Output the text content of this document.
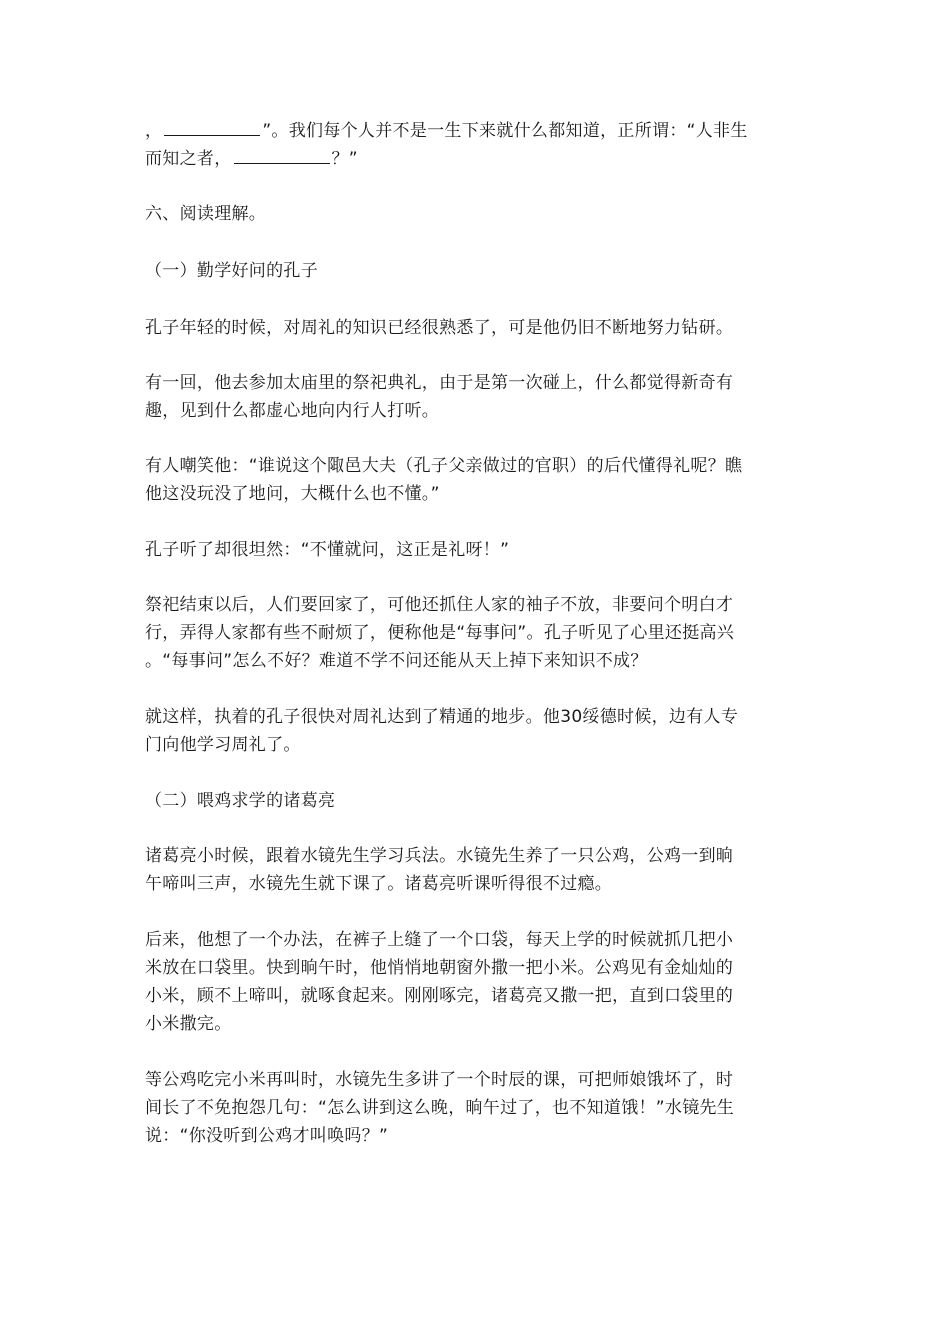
，	”。我们每个人并不是一生下来就什么都知道，正所谓：“人非生
而知之者，	？”

六、阅读理解。

（一）勤学好问的孔子

孔子年轻的时候，对周礼的知识已经很熟悉了，可是他仍旧不断地努力钻研。

有一回，他去参加太庙里的祭祀典礼，由于是第一次碰上，什么都觉得新奇有
趣，见到什么都虚心地向内行人打听。

有人嘲笑他：“谁说这个陬邑大夫（孔子父亲做过的官职）的后代懂得礼呢？瞧
他这没玩没了地问，大概什么也不懂。”

孔子听了却很坦然：“不懂就问，这正是礼呀！”

祭祀结束以后，人们要回家了，可他还抓住人家的袖子不放，非要问个明白才
行，弄得人家都有些不耐烦了，便称他是“每事问”。孔子听见了心里还挺高兴
。“每事问”怎么不好？难道不学不问还能从天上掉下来知识不成？

就这样，执着的孔子很快对周礼达到了精通的地步。他30绥德时候，边有人专
门向他学习周礼了。

（二）喂鸡求学的诸葛亮

诸葛亮小时候，跟着水镜先生学习兵法。水镜先生养了一只公鸡，公鸡一到晌
午啼叫三声，水镜先生就下课了。诸葛亮听课听得很不过瘾。

后来，他想了一个办法，在裤子上缝了一个口袋，每天上学的时候就抓几把小
米放在口袋里。快到晌午时，他悄悄地朝窗外撒一把小米。公鸡见有金灿灿的
小米，顾不上啼叫，就啄食起来。刚刚啄完，诸葛亮又撒一把，直到口袋里的
小米撒完。

等公鸡吃完小米再叫时，水镜先生多讲了一个时辰的课，可把师娘饿坏了，时
间长了不免抱怨几句：“怎么讲到这么晚，晌午过了，也不知道饿！”水镜先生
说：“你没听到公鸡才叫唤吗？”
